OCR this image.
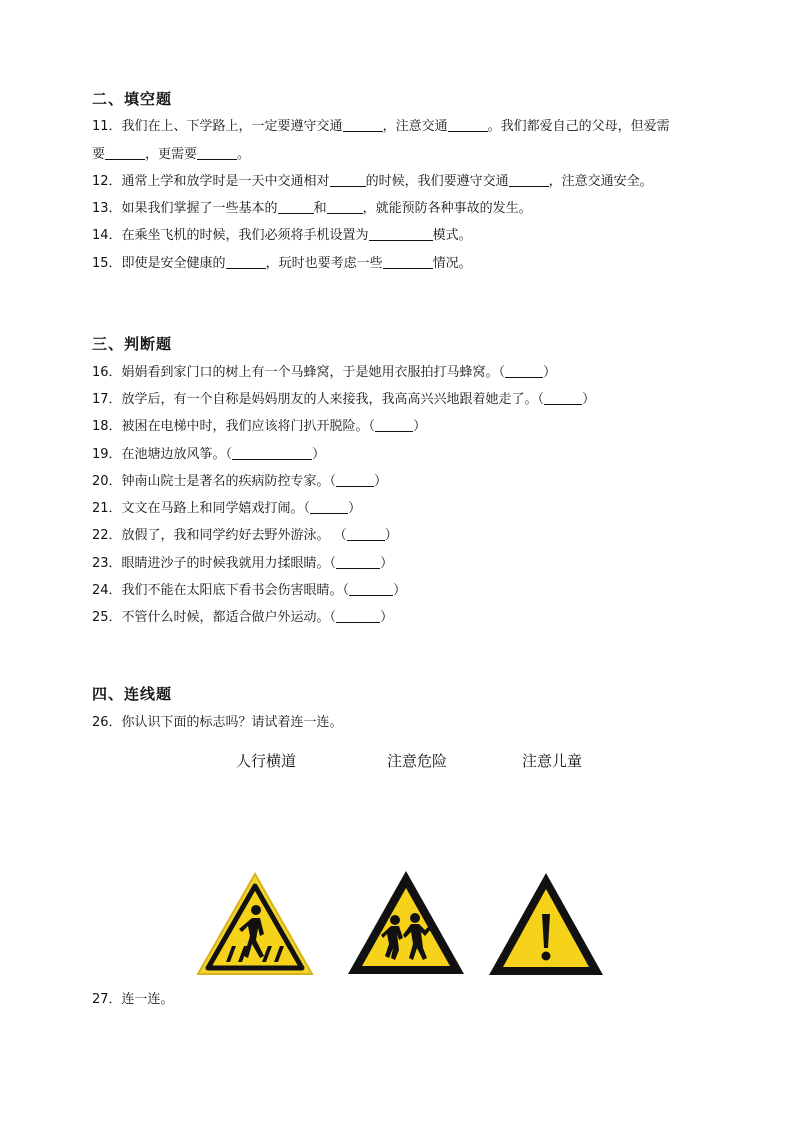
二、填空题
11．我们在上、下学路上，一定要遵守交通	，注意交通	。我们都爱自己的父母，但爱需
要	，更需要	。
12．通常上学和放学时是一天中交通相对	的时候，我们要遵守交通	，注意交通安全。
13．如果我们掌握了一些基本的	和	，就能预防各种事故的发生。
14．在乘坐飞机的时候，我们必须将手机设置为	模式。
15．即使是安全健康的	，玩时也要考虑一些	情况。
三、判断题
16．娟娟看到家门口的树上有一个马蜂窝，于是她用衣服拍打马蜂窝。（	）
17．放学后，有一个自称是妈妈朋友的人来接我，我高高兴兴地跟着她走了。（	）
18．被困在电梯中时，我们应该将门扒开脱险。（	）
19．在池塘边放风筝。（	）
20．钟南山院士是著名的疾病防控专家。（	）
21．文文在马路上和同学嬉戏打闹。（	）
22．放假了，我和同学约好去野外游泳。 （	）
23．眼睛进沙子的时候我就用力揉眼睛。（	）
24．我们不能在太阳底下看书会伤害眼睛。（	）
25．不管什么时候，都适合做户外运动。（	）
四、连线题
26．你认识下面的标志吗？请试着连一连。
人行横道	注意危险	注意儿童
27．连一连。
